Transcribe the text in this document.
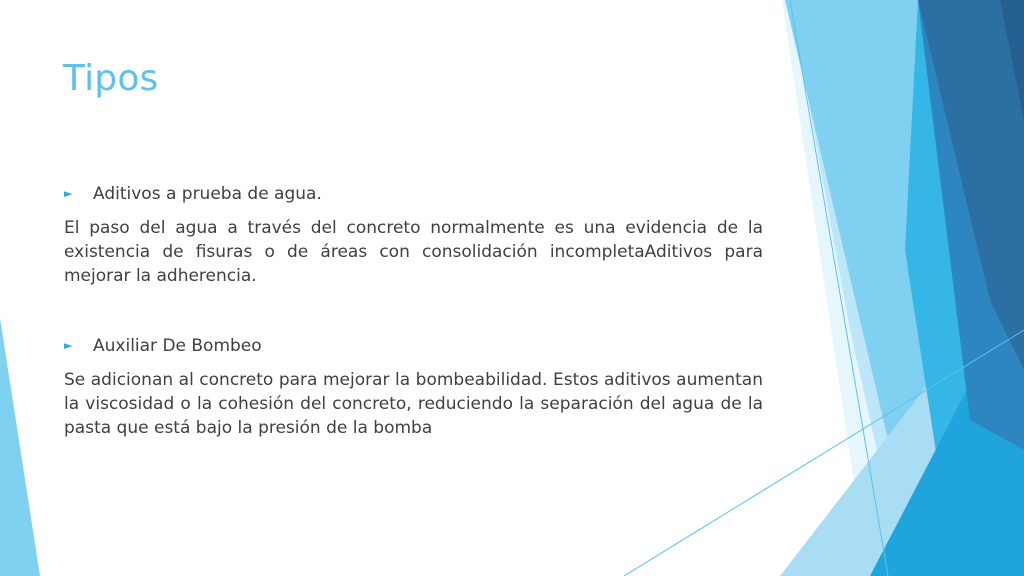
Tipos
► Aditivos a prueba de agua.

El paso del agua a través del concreto normalmente es una evidencia de la existencia de fisuras o de áreas con consolidación incompletaAditivos para mejorar la adherencia.

► Auxiliar De Bombeo

Se adicionan al concreto para mejorar la bombeabilidad. Estos aditivos aumentan la viscosidad o la cohesión del concreto, reduciendo la separación del agua de la pasta que está bajo la presión de la bomba
